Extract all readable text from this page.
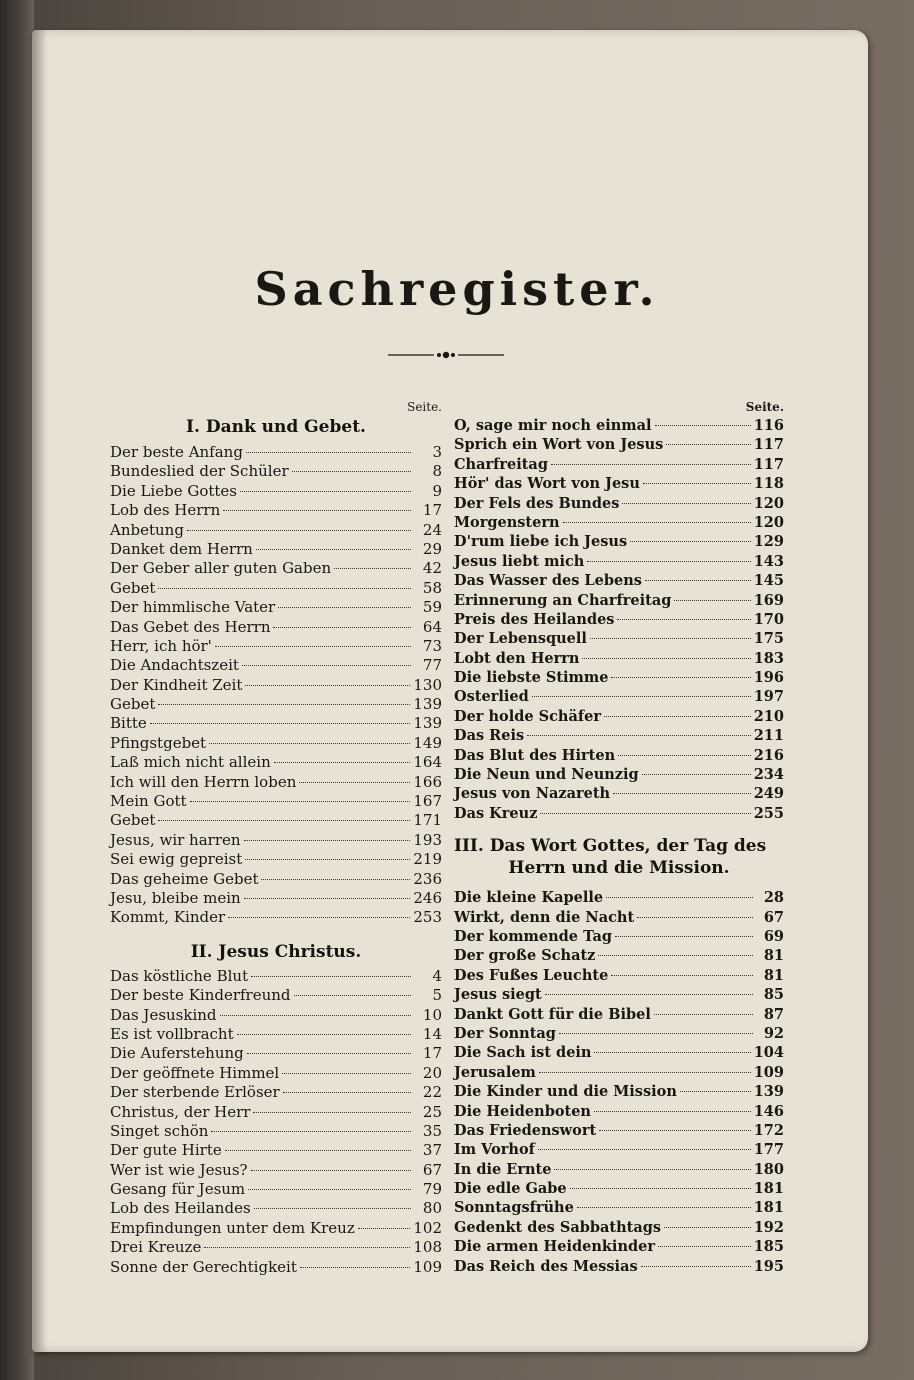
Sachregister.
Seite.
I. Dank und Gebet.
Der beste Anfang	3
Bundeslied der Schüler	8
Die Liebe Gottes	9
Lob des Herrn	17
Anbetung	24
Danket dem Herrn	29
Der Geber aller guten Gaben	42
Gebet	58
Der himmlische Vater	59
Das Gebet des Herrn	64
Herr, ich hör'	73
Die Andachtszeit	77
Der Kindheit Zeit	130
Gebet	139
Bitte	139
Pfingstgebet	149
Laß mich nicht allein	164
Ich will den Herrn loben	166
Mein Gott	167
Gebet	171
Jesus, wir harren	193
Sei ewig gepreist	219
Das geheime Gebet	236
Jesu, bleibe mein	246
Kommt, Kinder	253
II. Jesus Christus.
Das köstliche Blut	4
Der beste Kinderfreund	5
Das Jesuskind	10
Es ist vollbracht	14
Die Auferstehung	17
Der geöffnete Himmel	20
Der sterbende Erlöser	22
Christus, der Herr	25
Singet schön	35
Der gute Hirte	37
Wer ist wie Jesus?	67
Gesang für Jesum	79
Lob des Heilandes	80
Empfindungen unter dem Kreuz	102
Drei Kreuze	108
Sonne der Gerechtigkeit	109
Seite.
O, sage mir noch einmal	116
Sprich ein Wort von Jesus	117
Charfreitag	117
Hör' das Wort von Jesu	118
Der Fels des Bundes	120
Morgenstern	120
D'rum liebe ich Jesus	129
Jesus liebt mich	143
Das Wasser des Lebens	145
Erinnerung an Charfreitag	169
Preis des Heilandes	170
Der Lebensquell	175
Lobt den Herrn	183
Die liebste Stimme	196
Osterlied	197
Der holde Schäfer	210
Das Reis	211
Das Blut des Hirten	216
Die Neun und Neunzig	234
Jesus von Nazareth	249
Das Kreuz	255
III. Das Wort Gottes, der Tag des
Herrn und die Mission.
Die kleine Kapelle	28
Wirkt, denn die Nacht	67
Der kommende Tag	69
Der große Schatz	81
Des Fußes Leuchte	81
Jesus siegt	85
Dankt Gott für die Bibel	87
Der Sonntag	92
Die Sach ist dein	104
Jerusalem	109
Die Kinder und die Mission	139
Die Heidenboten	146
Das Friedenswort	172
Im Vorhof	177
In die Ernte	180
Die edle Gabe	181
Sonntagsfrühe	181
Gedenkt des Sabbathtags	192
Die armen Heidenkinder	185
Das Reich des Messias	195
